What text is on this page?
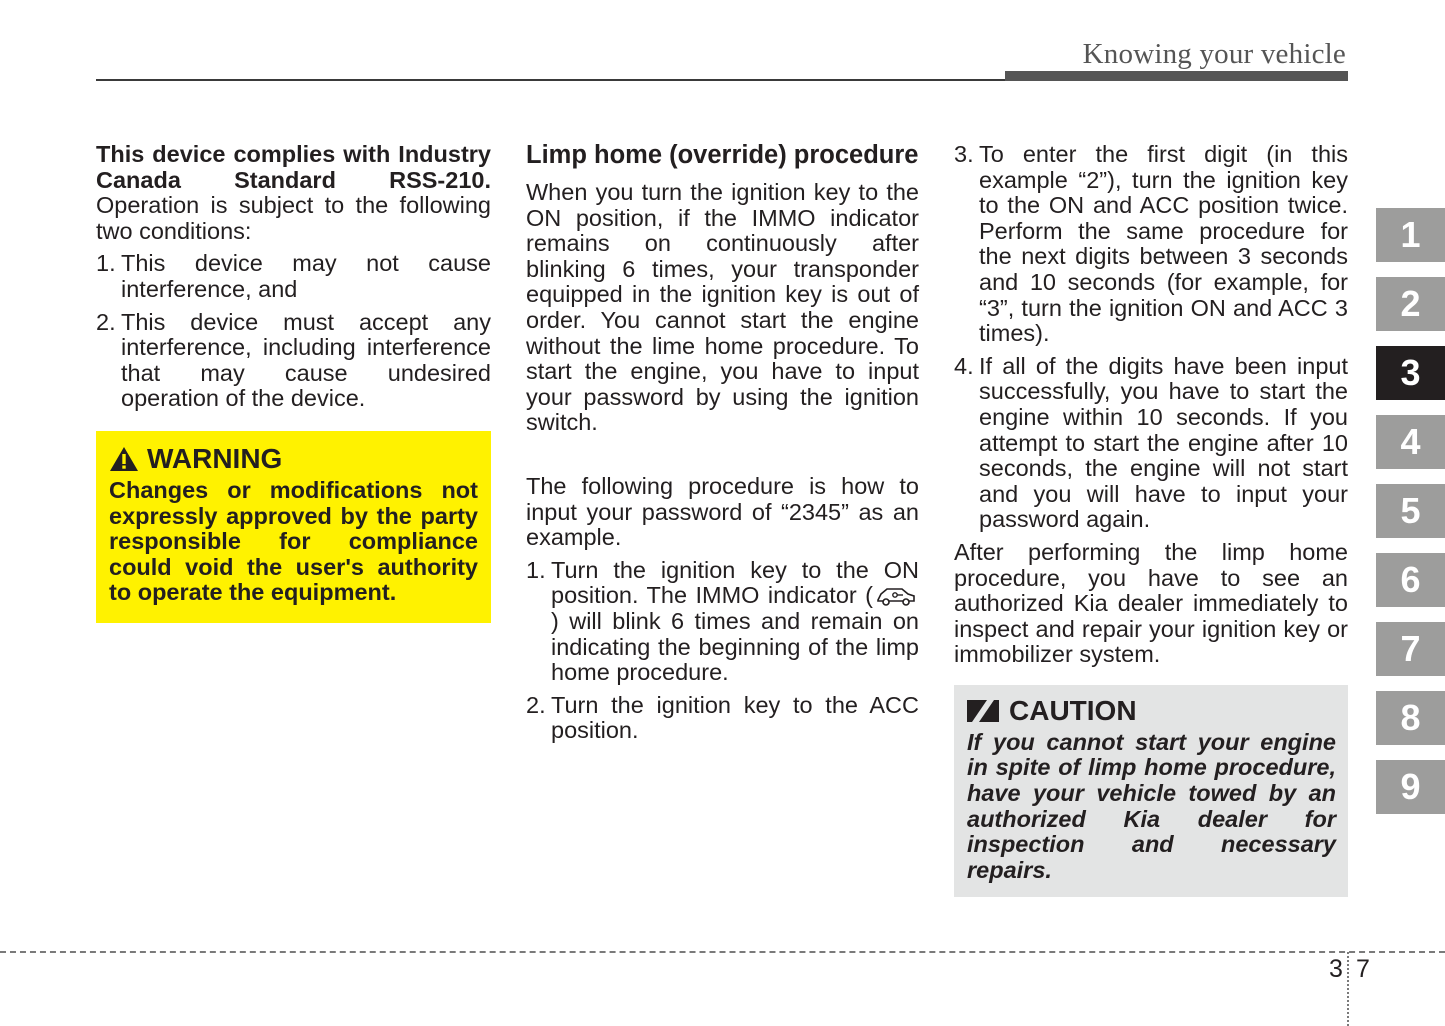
Knowing your vehicle

This device complies with Industry Canada Standard RSS-210. Operation is subject to the following two conditions:

1. This device may not cause interference, and
2. This device must accept any interference, including interference that may cause undesired operation of the device.
WARNING
Changes or modifications not expressly approved by the party responsible for compliance could void the user's authority to operate the equipment.
Limp home (override) procedure

When you turn the ignition key to the ON position, if the IMMO indicator remains on continuously after blinking 6 times, your transponder equipped in the ignition key is out of order. You cannot start the engine without the lime home procedure. To start the engine, you have to input your password by using the ignition switch.

The following procedure is how to input your password of “2345” as an example.

1. Turn the ignition key to the ON position. The IMMO indicator () will blink 6 times and remain on indicating the beginning of the limp home procedure.
2. Turn the ignition key to the ACC position.
3. To enter the first digit (in this example “2”), turn the ignition key to the ON and ACC position twice. Perform the same procedure for the next digits between 3 seconds and 10 seconds (for example, for “3”, turn the ignition ON and ACC 3 times).
4. If all of the digits have been input successfully, you have to start the engine within 10 seconds. If you attempt to start the engine after 10 seconds, the engine will not start and you will have to input your password again.

After performing the limp home procedure, you have to see an authorized Kia dealer immediately to inspect and repair your ignition key or immobilizer system.

CAUTION
If you cannot start your engine in spite of limp home procedure, have your vehicle towed by an authorized Kia dealer for inspection and necessary repairs.
1
2
3
4
5
6
7
8
9
3 7
